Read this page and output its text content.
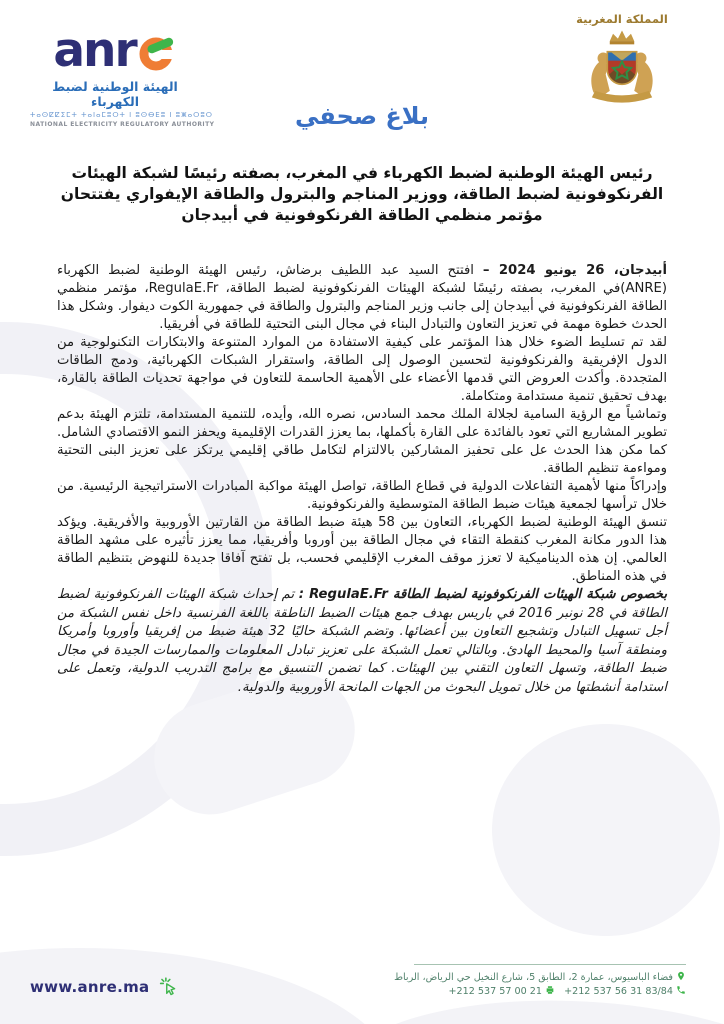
anr
الهيئة الوطنية لضبط الكهرباء
ⵜⴰⵙⵇⵇⵉⵎⵜ ⵜⴰⵏⴰⵎⵓⵔⵜ ⵏ ⵓⵙⴱⴹⵓ ⵏ ⵓⵥⴰⵔⵓⵔ
NATIONAL ELECTRICITY REGULATORY AUTHORITY
المملكة المغربية
بلاغ صحفي
رئيس الهيئة الوطنية لضبط الكهرباء في المغرب، بصفته رئيسًا لشبكة الهيئات الفرنكوفونية لضبط الطاقة، ووزير المناجم والبترول والطاقة الإيفواري يفتتحان مؤتمر منظمي الطاقة الفرنكوفونية في أبيدجان

أبيدجان، 26 يونيو 2024 – افتتح السيد عبد اللطيف برضاش، رئيس الهيئة الوطنية لضبط الكهرباء (ANRE)في المغرب، بصفته رئيسًا لشبكة الهيئات الفرنكوفونية لضبط الطاقة، RegulaE.Fr، مؤتمر منظمي الطاقة الفرنكوفونية في أبيدجان إلى جانب وزير المناجم والبترول والطاقة في جمهورية الكوت ديفوار. وشكل هذا الحدث خطوة مهمة في تعزيز التعاون والتبادل البناء في مجال البنى التحتية للطاقة في أفريقيا.

لقد تم تسليط الضوء خلال هذا المؤتمر على كيفية الاستفادة من الموارد المتنوعة والابتكارات التكنولوجية من الدول الإفريقية والفرنكوفونية لتحسين الوصول إلى الطاقة، واستقرار الشبكات الكهربائية، ودمج الطاقات المتجددة. وأكدت العروض التي قدمها الأعضاء على الأهمية الحاسمة للتعاون في مواجهة تحديات الطاقة بالقارة، بهدف تحقيق تنمية مستدامة ومتكاملة.

وتماشياً مع الرؤية السامية لجلالة الملك محمد السادس، نصره الله، وأيده، للتنمية المستدامة، تلتزم الهيئة بدعم تطوير المشاريع التي تعود بالفائدة على القارة بأكملها، بما يعزز القدرات الإقليمية ويحفز النمو الاقتصادي الشامل. كما مكن هذا الحدث عل على تحفيز المشاركين بالالتزام لتكامل طاقي إقليمي يرتكز على تعزيز البنى التحتية ومواءمة تنظيم الطاقة.

وإدراكاً منها لأهمية التفاعلات الدولية في قطاع الطاقة، تواصل الهيئة مواكبة المبادرات الاستراتيجية الرئيسية. من خلال ترأسها لجمعية هيئات ضبط الطاقة المتوسطية والفرنكوفونية.

تنسق الهيئة الوطنية لضبط الكهرباء، التعاون بين 58 هيئة ضبط الطاقة من القارتين الأوروبية والأفريقية. ويؤكد هذا الدور مكانة المغرب كنقطة التقاء في مجال الطاقة بين أوروبا وأفريقيا، مما يعزز تأثيره على مشهد الطاقة العالمي. إن هذه الديناميكية لا تعزز موقف المغرب الإقليمي فحسب، بل تفتح آفاقا جديدة للنهوض بتنظيم الطاقة في هذه المناطق.

بخصوص شبكة الهيئات الفرنكوفونية لضبط الطاقة RegulaE.Fr : تم إحداث شبكة الهيئات الفرنكوفونية لضبط الطاقة في 28 نونبر 2016 في باريس بهدف جمع هيئات الضبط الناطقة باللغة الفرنسية داخل نفس الشبكة من أجل تسهيل التبادل وتشجيع التعاون بين أعضائها. وتضم الشبكة حاليًا 32 هيئة ضبط من إفريقيا وأوروبا وأمريكا ومنطقة آسيا والمحيط الهادئ. وبالتالي تعمل الشبكة على تعزيز تبادل المعلومات والممارسات الجيدة في مجال ضبط الطاقة، وتسهل التعاون التقني بين الهيئات. كما تضمن التنسيق مع برامج التدريب الدولية، وتعمل على استدامة أنشطتها من خلال تمويل البحوث من الجهات المانحة الأوروبية والدولية.

www.anre.ma	فضاء الباسيوس، عمارة 2، الطابق 5، شارع النخيل حي الرياض، الرباط
+212 537 56 31 83/84 +212 537 57 00 21
